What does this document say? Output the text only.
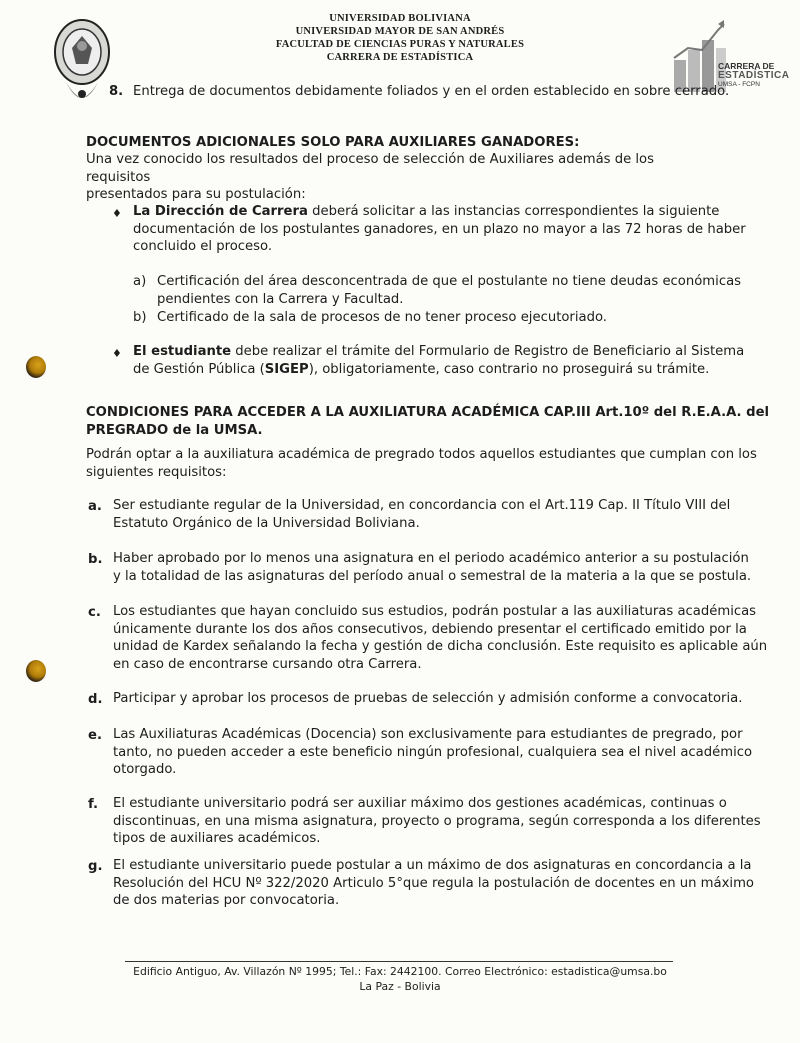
UNIVERSIDAD BOLIVIANA
UNIVERSIDAD MAYOR DE SAN ANDRÉS
FACULTAD DE CIENCIAS PURAS Y NATURALES
CARRERA DE ESTADÍSTICA
CARRERA DE
ESTADÍSTICA
UMSA - FCPN
8. Entrega de documentos debidamente foliados y en el orden establecido en sobre cerrado.
DOCUMENTOS ADICIONALES SOLO PARA AUXILIARES GANADORES:
Una vez conocido los resultados del proceso de selección de Auxiliares además de los requisitos
presentados para su postulación:
♦ La Dirección de Carrera deberá solicitar a las instancias correspondientes la siguiente
documentación de los postulantes ganadores, en un plazo no mayor a las 72 horas de haber
concluido el proceso.
a) Certificación del área desconcentrada de que el postulante no tiene deudas económicas
pendientes con la Carrera y Facultad.
b) Certificado de la sala de procesos de no tener proceso ejecutoriado.
♦ El estudiante debe realizar el trámite del Formulario de Registro de Beneficiario al Sistema
de Gestión Pública (SIGEP), obligatoriamente, caso contrario no proseguirá su trámite.
CONDICIONES PARA ACCEDER A LA AUXILIATURA ACADÉMICA CAP.III Art.10º del R.E.A.A. del
PREGRADO de la UMSA.
Podrán optar a la auxiliatura académica de pregrado todos aquellos estudiantes que cumplan con los
siguientes requisitos:
a. Ser estudiante regular de la Universidad, en concordancia con el Art.119 Cap. II Título VIII del
Estatuto Orgánico de la Universidad Boliviana.
b. Haber aprobado por lo menos una asignatura en el periodo académico anterior a su postulación
y la totalidad de las asignaturas del período anual o semestral de la materia a la que se postula.
c. Los estudiantes que hayan concluido sus estudios, podrán postular a las auxiliaturas académicas
únicamente durante los dos años consecutivos, debiendo presentar el certificado emitido por la
unidad de Kardex señalando la fecha y gestión de dicha conclusión. Este requisito es aplicable aún
en caso de encontrarse cursando otra Carrera.
d. Participar y aprobar los procesos de pruebas de selección y admisión conforme a convocatoria.
e. Las Auxiliaturas Académicas (Docencia) son exclusivamente para estudiantes de pregrado, por
tanto, no pueden acceder a este beneficio ningún profesional, cualquiera sea el nivel académico
otorgado.
f. El estudiante universitario podrá ser auxiliar máximo dos gestiones académicas, continuas o
discontinuas, en una misma asignatura, proyecto o programa, según corresponda a los diferentes
tipos de auxiliares académicos.
g. El estudiante universitario puede postular a un máximo de dos asignaturas en concordancia a la
Resolución del HCU Nº 322/2020 Articulo 5°que regula la postulación de docentes en un máximo
de dos materias por convocatoria.
Edificio Antiguo, Av. Villazón Nº 1995; Tel.: Fax: 2442100. Correo Electrónico: estadistica@umsa.bo
La Paz - Bolivia
